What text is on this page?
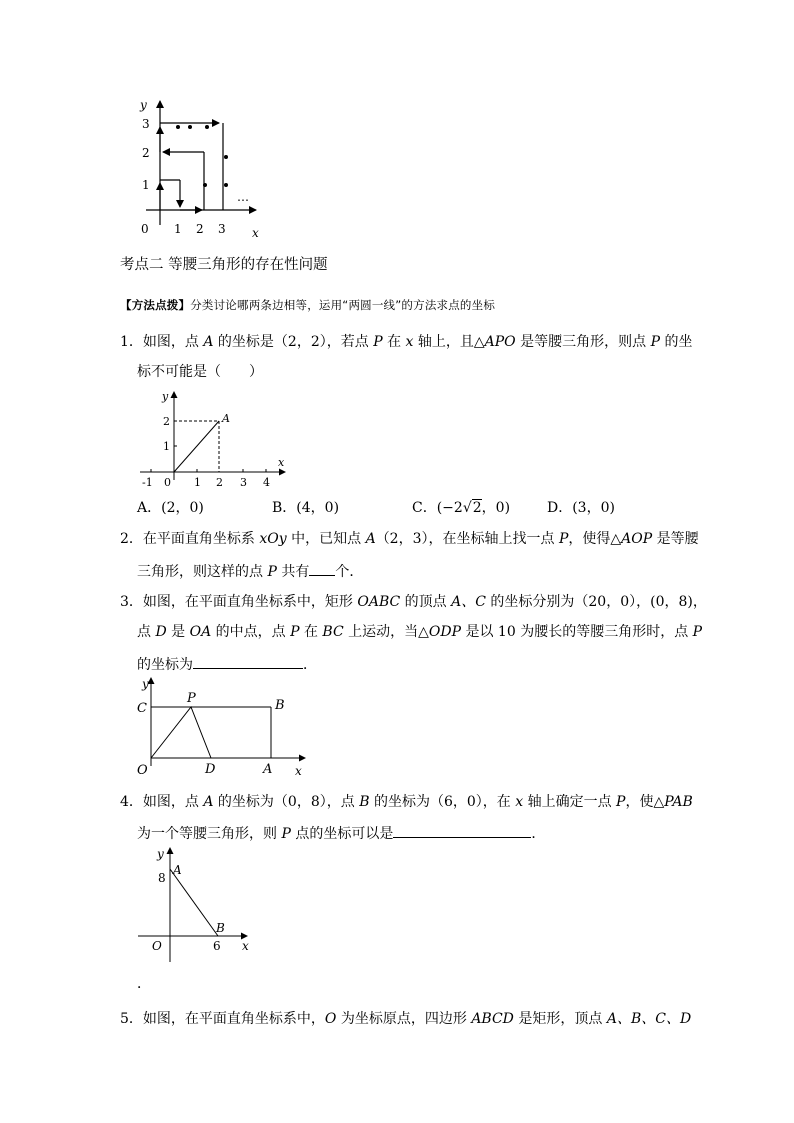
y
x
0 1 2 3
1
2
3
…
考点二 等腰三角形的存在性问题
【方法点拨】分类讨论哪两条边相等，运用“两圆一线”的方法求点的坐标
1．如图，点 A 的坐标是（2，2），若点 P 在 x 轴上，且△APO 是等腰三角形，则点 P 的坐
标不可能是（　　）
y
x
A
-1 0 1 2 3 4
1
2
A．(2，0)	B．(4，0)	C．(−2√2，0)	D．(3，0)
2．在平面直角坐标系 xOy 中，已知点 A（2，3），在坐标轴上找一点 P，使得△AOP 是等腰
三角形，则这样的点 P 共有 个．
3．如图，在平面直角坐标系中，矩形 OABC 的顶点 A、C 的坐标分别为（20，0），(0，8)，
点 D 是 OA 的中点，点 P 在 BC 上运动，当△ODP 是以 10 为腰长的等腰三角形时，点 P
的坐标为	．
y
x
C
P	B
O	D	A
4．如图，点 A 的坐标为（0，8），点 B 的坐标为（6，0），在 x 轴上确定一点 P，使△PAB
为一个等腰三角形，则 P 点的坐标可以是	．
y
x
A
8
B
6
O
．
5．如图，在平面直角坐标系中，O 为坐标原点，四边形 ABCD 是矩形，顶点 A、B、C、D
